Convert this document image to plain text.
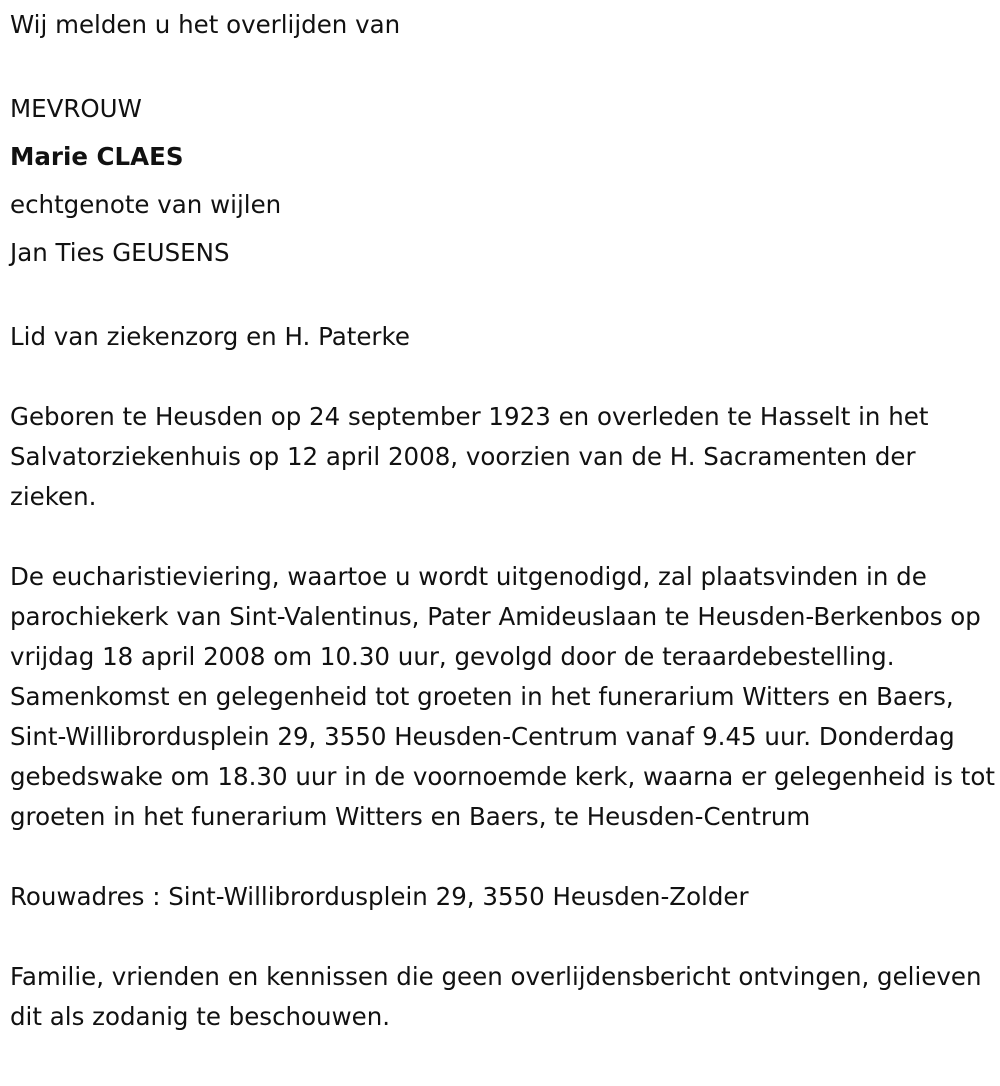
Wij melden u het overlijden van

MEVROUW

Marie CLAES

echtgenote van wijlen

Jan Ties GEUSENS

Lid van ziekenzorg en H. Paterke

Geboren te Heusden op 24 september 1923 en overleden te Hasselt in het Salvatorziekenhuis op 12 april 2008, voorzien van de H. Sacramenten der zieken.

De eucharistieviering, waartoe u wordt uitgenodigd, zal plaatsvinden in de parochiekerk van Sint-Valentinus, Pater Amideuslaan te Heusden-Berkenbos op vrijdag 18 april 2008 om 10.30 uur, gevolgd door de teraardebestelling. Samenkomst en gelegenheid tot groeten in het funerarium Witters en Baers, Sint-Willibrordusplein 29, 3550 Heusden-Centrum vanaf 9.45 uur. Donderdag gebedswake om 18.30 uur in de voornoemde kerk, waarna er gelegenheid is tot groeten in het funerarium Witters en Baers, te Heusden-Centrum

Rouwadres : Sint-Willibrordusplein 29, 3550 Heusden-Zolder

Familie, vrienden en kennissen die geen overlijdensbericht ontvingen, gelieven dit als zodanig te beschouwen.
